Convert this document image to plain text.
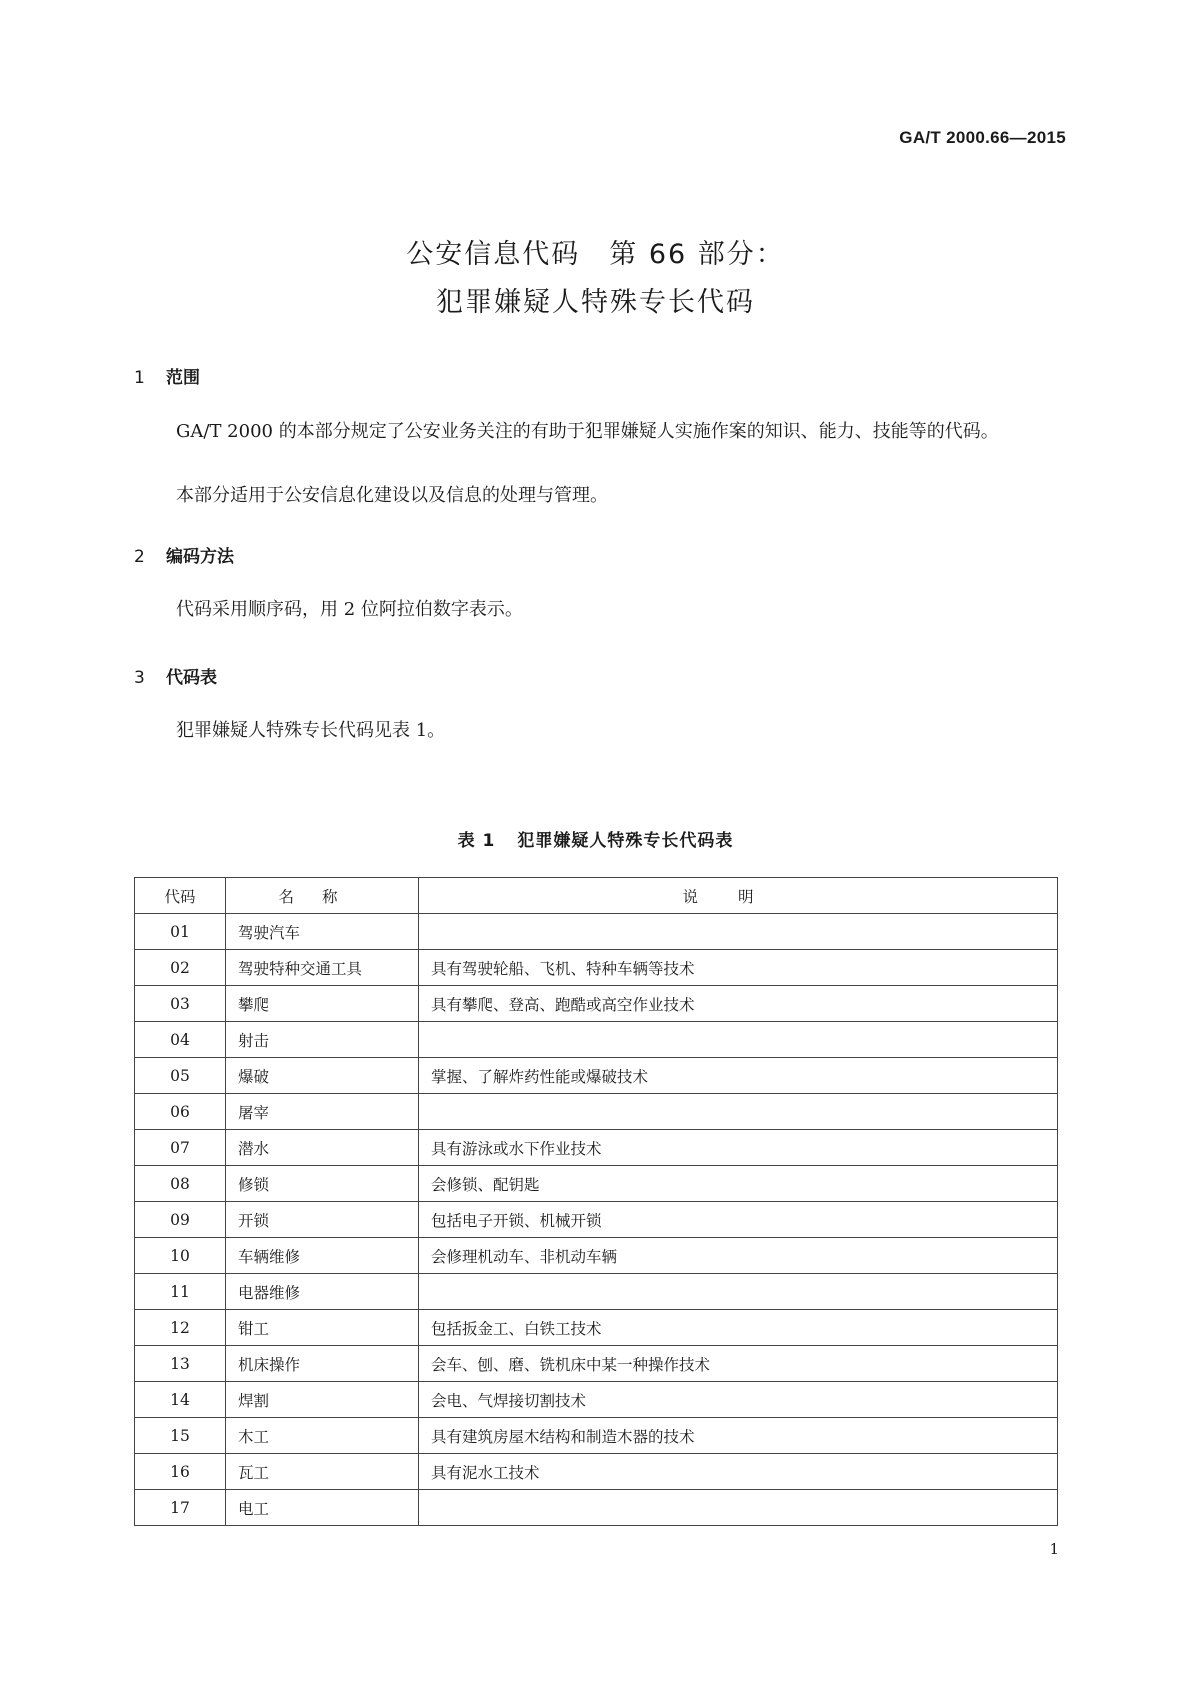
GA/T 2000.66—2015
公安信息代码　第 66 部分：
犯罪嫌疑人特殊专长代码
1 范围

GA/T 2000 的本部分规定了公安业务关注的有助于犯罪嫌疑人实施作案的知识、能力、技能等的代码。

本部分适用于公安信息化建设以及信息的处理与管理。

2 编码方法

代码采用顺序码，用 2 位阿拉伯数字表示。

3 代码表

犯罪嫌疑人特殊专长代码见表 1。

表 1 犯罪嫌疑人特殊专长代码表

代码	名称	说明
01	驾驶汽车	
02	驾驶特种交通工具	具有驾驶轮船、飞机、特种车辆等技术
03	攀爬	具有攀爬、登高、跑酷或高空作业技术
04	射击	
05	爆破	掌握、了解炸药性能或爆破技术
06	屠宰	
07	潜水	具有游泳或水下作业技术
08	修锁	会修锁、配钥匙
09	开锁	包括电子开锁、机械开锁
10	车辆维修	会修理机动车、非机动车辆
11	电器维修	
12	钳工	包括扳金工、白铁工技术
13	机床操作	会车、刨、磨、铣机床中某一种操作技术
14	焊割	会电、气焊接切割技术
15	木工	具有建筑房屋木结构和制造木器的技术
16	瓦工	具有泥水工技术
17	电工	
1
